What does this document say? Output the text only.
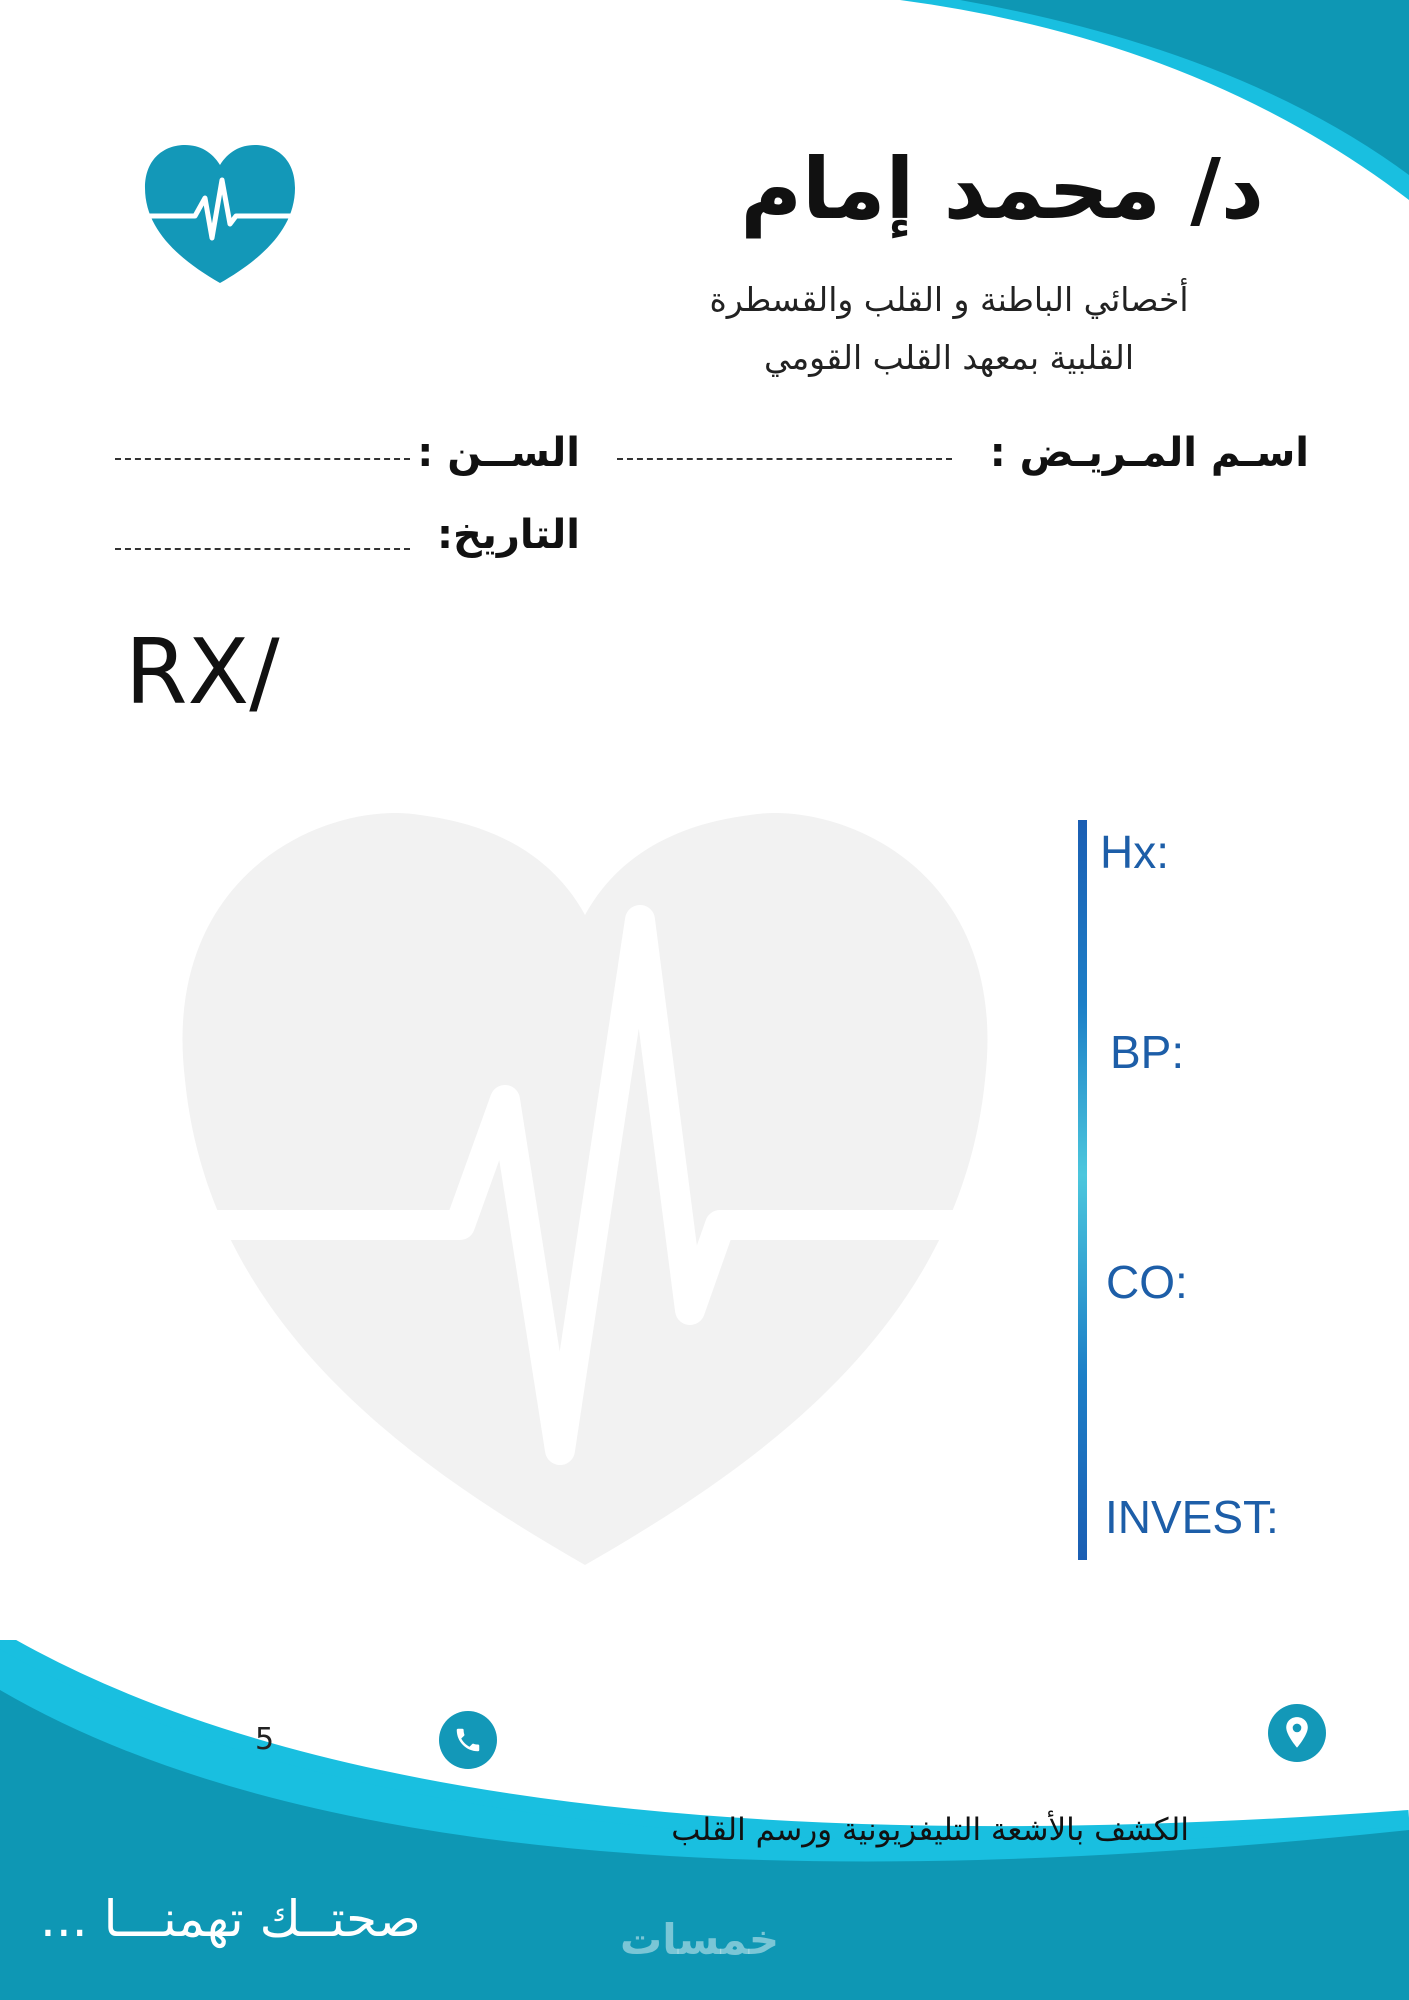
د/ محمد إمام
أخصائي الباطنة و القلب والقسطرة
القلبية بمعهد القلب القومي
اسـم المـريـض :
الســن :
التاريخ:
RX/
Hx:
BP:
CO:
INVEST:
5
الكشف بالأشعة التليفزيونية ورسم القلب
صحتــك تهمنـــا ...	خمسات
